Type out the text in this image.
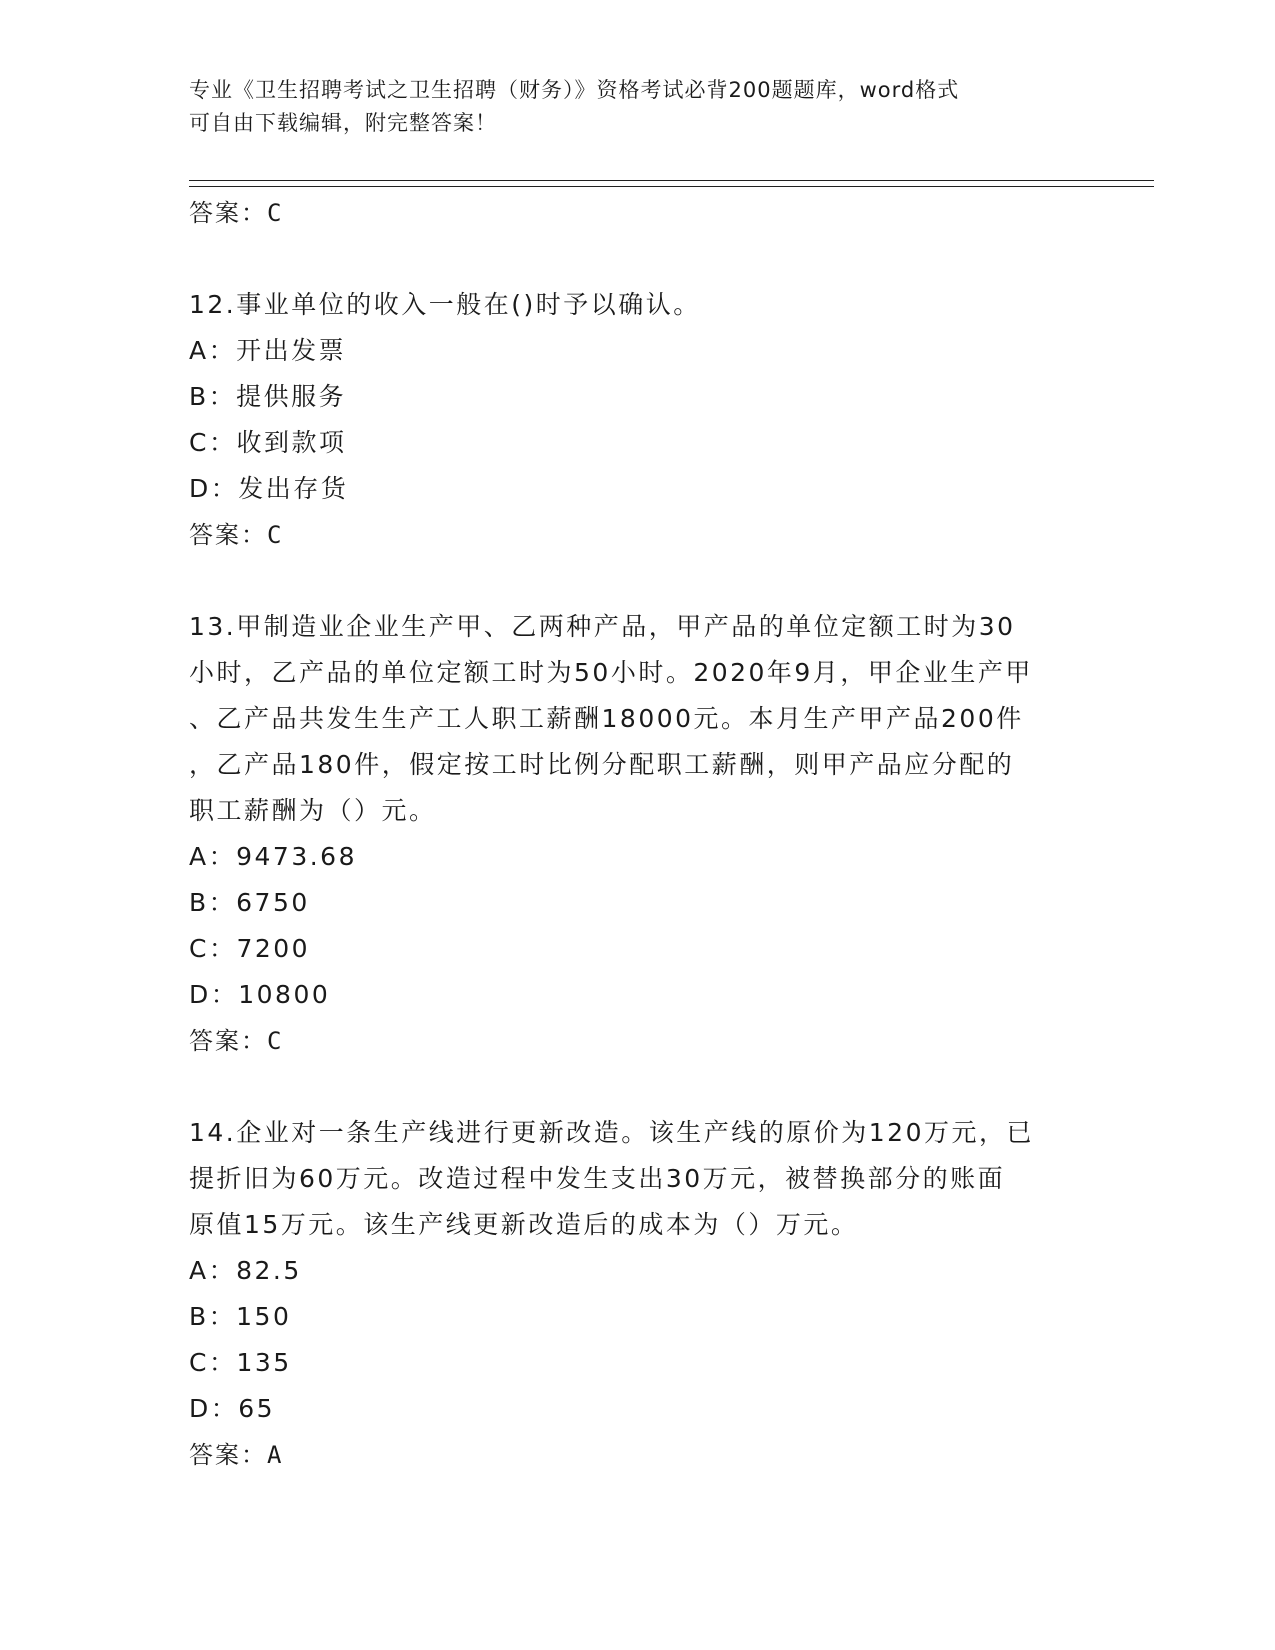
专业《卫生招聘考试之卫生招聘（财务）》资格考试必背200题题库，word格式
可自由下载编辑，附完整答案！
答案：C
12.事业单位的收入一般在()时予以确认。
A：开出发票
B：提供服务
C：收到款项
D：发出存货
答案：C
13.甲制造业企业生产甲、乙两种产品，甲产品的单位定额工时为30
小时，乙产品的单位定额工时为50小时。2020年9月，甲企业生产甲
、乙产品共发生生产工人职工薪酬18000元。本月生产甲产品200件
，乙产品180件，假定按工时比例分配职工薪酬，则甲产品应分配的
职工薪酬为（）元。
A：9473.68
B：6750
C：7200
D：10800
答案：C
14.企业对一条生产线进行更新改造。该生产线的原价为120万元，已
提折旧为60万元。改造过程中发生支出30万元，被替换部分的账面
原值15万元。该生产线更新改造后的成本为（）万元。
A：82.5
B：150
C：135
D：65
答案：A
